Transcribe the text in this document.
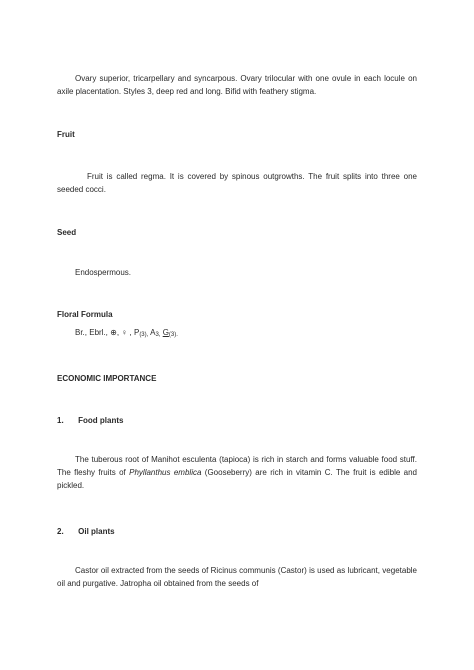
Ovary superior, tricarpellary and syncarpous. Ovary trilocular with one ovule in each locule on axile placentation. Styles 3, deep red and long. Bifid with feathery stigma.
Fruit
Fruit is called regma. It is covered by spinous outgrowths. The fruit splits into three one seeded cocci.
Seed
Endospermous.
Floral Formula
Br., Ebrl., ⊕, ♀ , $P_{(3),}$ $A_{3,}$ $G_{(3).}$
ECONOMIC IMPORTANCE
1. Food plants
The tuberous root of Manihot esculenta (tapioca) is rich in starch and forms valuable food stuff. The fleshy fruits of Phyllanthus emblica (Gooseberry) are rich in vitamin C. The fruit is edible and pickled.
2. Oil plants
Castor oil extracted from the seeds of Ricinus communis (Castor) is used as lubricant, vegetable oil and purgative. Jatropha oil obtained from the seeds of
